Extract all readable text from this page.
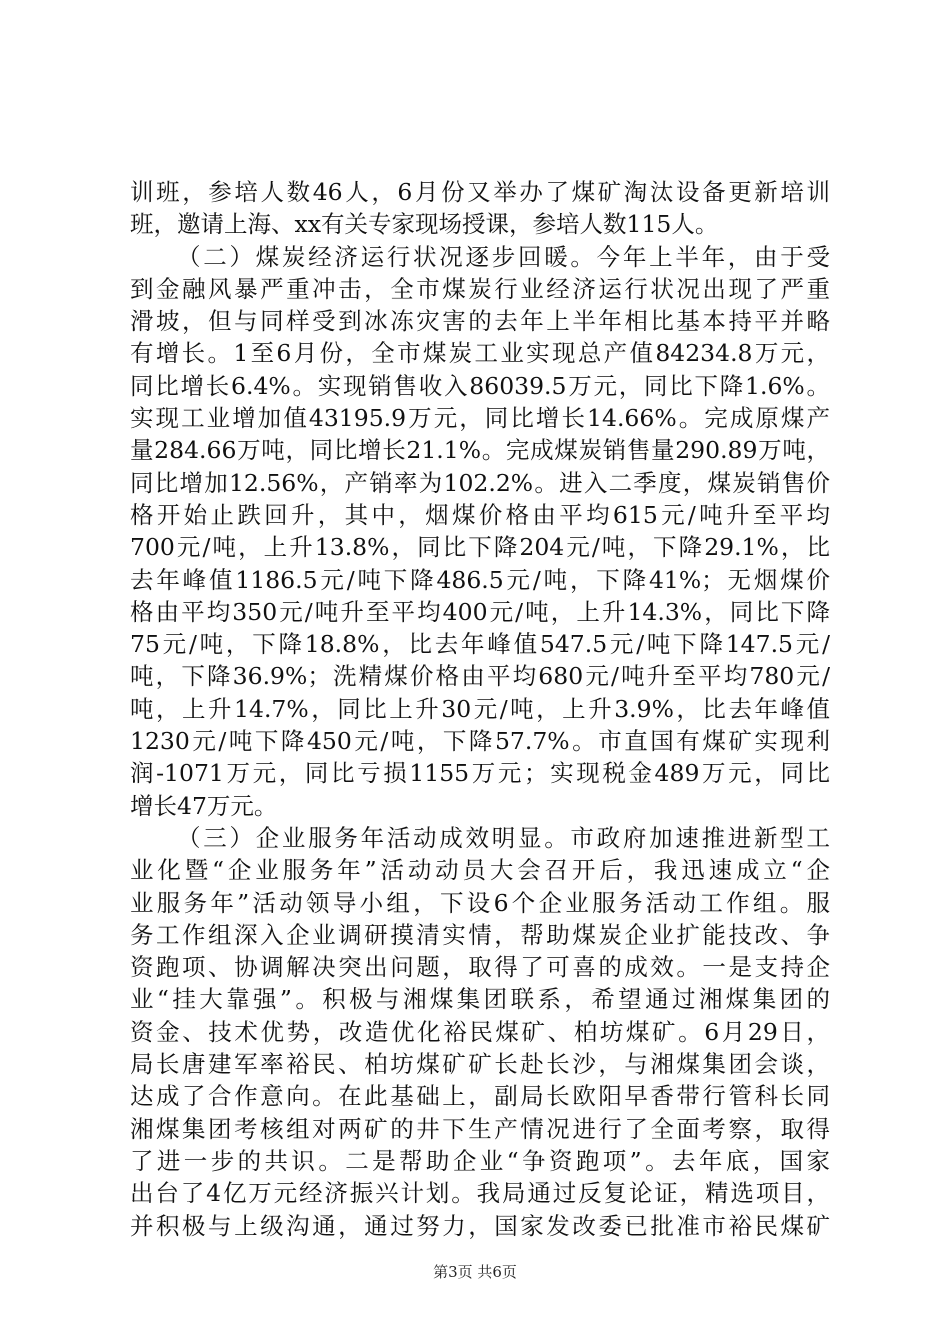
训班，参培人数46人，6月份又举办了煤矿淘汰设备更新培训
班，邀请上海、xx有关专家现场授课，参培人数115人。
（二）煤炭经济运行状况逐步回暖。今年上半年，由于受
到金融风暴严重冲击，全市煤炭行业经济运行状况出现了严重
滑坡，但与同样受到冰冻灾害的去年上半年相比基本持平并略
有增长。1至6月份，全市煤炭工业实现总产值84234.8万元，
同比增长6.4%。实现销售收入86039.5万元，同比下降1.6%。
实现工业增加值43195.9万元，同比增长14.66%。完成原煤产
量284.66万吨，同比增长21.1%。完成煤炭销售量290.89万吨，
同比增加12.56%，产销率为102.2%。进入二季度，煤炭销售价
格开始止跌回升，其中，烟煤价格由平均615元/吨升至平均
700元/吨，上升13.8%，同比下降204元/吨，下降29.1%，比
去年峰值1186.5元/吨下降486.5元/吨，下降41%；无烟煤价
格由平均350元/吨升至平均400元/吨，上升14.3%，同比下降
75元/吨，下降18.8%，比去年峰值547.5元/吨下降147.5元/
吨，下降36.9%；洗精煤价格由平均680元/吨升至平均780元/
吨，上升14.7%，同比上升30元/吨，上升3.9%，比去年峰值
1230元/吨下降450元/吨，下降57.7%。市直国有煤矿实现利
润-1071万元，同比亏损1155万元；实现税金489万元，同比
增长47万元。
（三）企业服务年活动成效明显。市政府加速推进新型工
业化暨“企业服务年”活动动员大会召开后，我迅速成立“企
业服务年”活动领导小组，下设6个企业服务活动工作组。服
务工作组深入企业调研摸清实情，帮助煤炭企业扩能技改、争
资跑项、协调解决突出问题，取得了可喜的成效。一是支持企
业“挂大靠强”。积极与湘煤集团联系，希望通过湘煤集团的
资金、技术优势，改造优化裕民煤矿、柏坊煤矿。6月29日，
局长唐建军率裕民、柏坊煤矿矿长赴长沙，与湘煤集团会谈，
达成了合作意向。在此基础上，副局长欧阳早香带行管科长同
湘煤集团考核组对两矿的井下生产情况进行了全面考察，取得
了进一步的共识。二是帮助企业“争资跑项”。去年底，国家
出台了4亿万元经济振兴计划。我局通过反复论证，精选项目，
并积极与上级沟通，通过努力，国家发改委已批准市裕民煤矿
第3页 共6页
